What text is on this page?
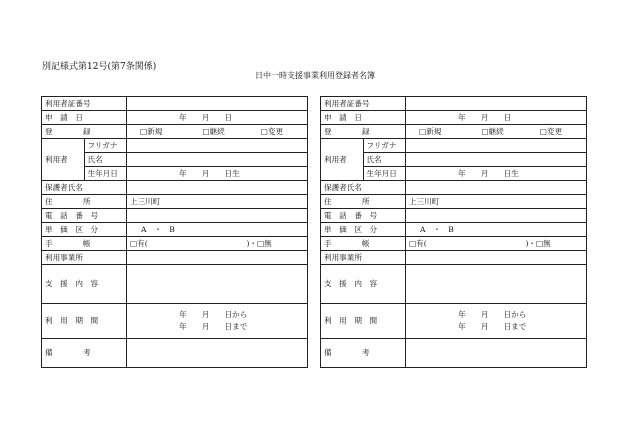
別記様式第12号(第7条関係)
日中一時支援事業利用登録者名簿
利用者証番号		
申　請　日		年　　月　　日
登　　　　録		□新規 □継続 □変更
利用者	フリガナ	
	氏名	
	生年月日	年　　月　　日生
保護者氏名		
住　　　　所		上三川町
電　話　番　号		
単　価　区　分		A　・　B
手　　　　帳		□有(　　　　　　　　　　　　　)・□無
利用事業所		
支　援　内　容		
利　用　期　間		年　　月　　日から
年　　月　　日まで

備　　　　考		
利用者証番号		
申　請　日		年　　月　　日
登　　　　録		□新規 □継続 □変更
利用者	フリガナ	
	氏名	
	生年月日	年　　月　　日生
保護者氏名		
住　　　　所		上三川町
電　話　番　号		
単　価　区　分		A　・　B
手　　　　帳		□有(　　　　　　　　　　　　　)・□無
利用事業所		
支　援　内　容		
利　用　期　間		年　　月　　日から
年　　月　　日まで

備　　　　考		
